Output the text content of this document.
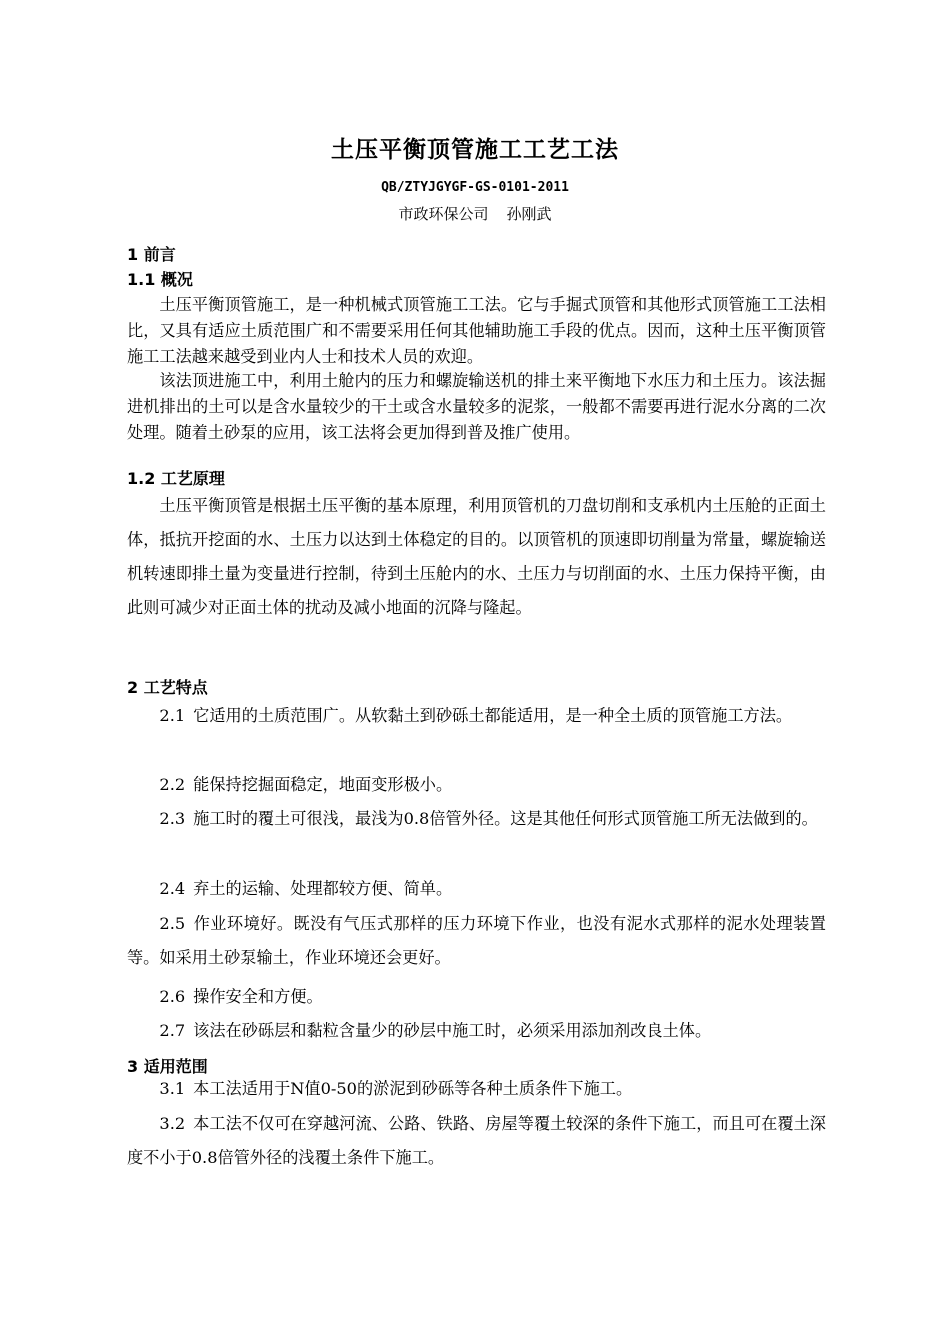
土压平衡顶管施工工艺工法
QB/ZTYJGYGF-GS-0101-2011
市政环保公司 孙刚武
1 前言
1.1 概况
土压平衡顶管施工，是一种机械式顶管施工工法。它与手掘式顶管和其他形式顶管施工工法相比，又具有适应土质范围广和不需要采用任何其他辅助施工手段的优点。因而，这种土压平衡顶管施工工法越来越受到业内人士和技术人员的欢迎。
该法顶进施工中，利用土舱内的压力和螺旋输送机的排土来平衡地下水压力和土压力。该法掘进机排出的土可以是含水量较少的干土或含水量较多的泥浆，一般都不需要再进行泥水分离的二次处理。随着土砂泵的应用，该工法将会更加得到普及推广使用。
1.2 工艺原理
土压平衡顶管是根据土压平衡的基本原理，利用顶管机的刀盘切削和支承机内土压舱的正面土体，抵抗开挖面的水、土压力以达到土体稳定的目的。以顶管机的顶速即切削量为常量，螺旋输送机转速即排土量为变量进行控制，待到土压舱内的水、土压力与切削面的水、土压力保持平衡，由此则可减少对正面土体的扰动及减小地面的沉降与隆起。
2 工艺特点
2.1 它适用的土质范围广。从软黏土到砂砾土都能适用，是一种全土质的顶管施工方法。
2.2 能保持挖掘面稳定，地面变形极小。
2.3 施工时的覆土可很浅，最浅为0.8倍管外径。这是其他任何形式顶管施工所无法做到的。
2.4 弃土的运输、处理都较方便、简单。
2.5 作业环境好。既没有气压式那样的压力环境下作业，也没有泥水式那样的泥水处理装置等。如采用土砂泵输土，作业环境还会更好。
2.6 操作安全和方便。
2.7 该法在砂砾层和黏粒含量少的砂层中施工时，必须采用添加剂改良土体。
3 适用范围
3.1 本工法适用于N值0-50的淤泥到砂砾等各种土质条件下施工。
3.2 本工法不仅可在穿越河流、公路、铁路、房屋等覆土较深的条件下施工，而且可在覆土深度不小于0.8倍管外径的浅覆土条件下施工。
